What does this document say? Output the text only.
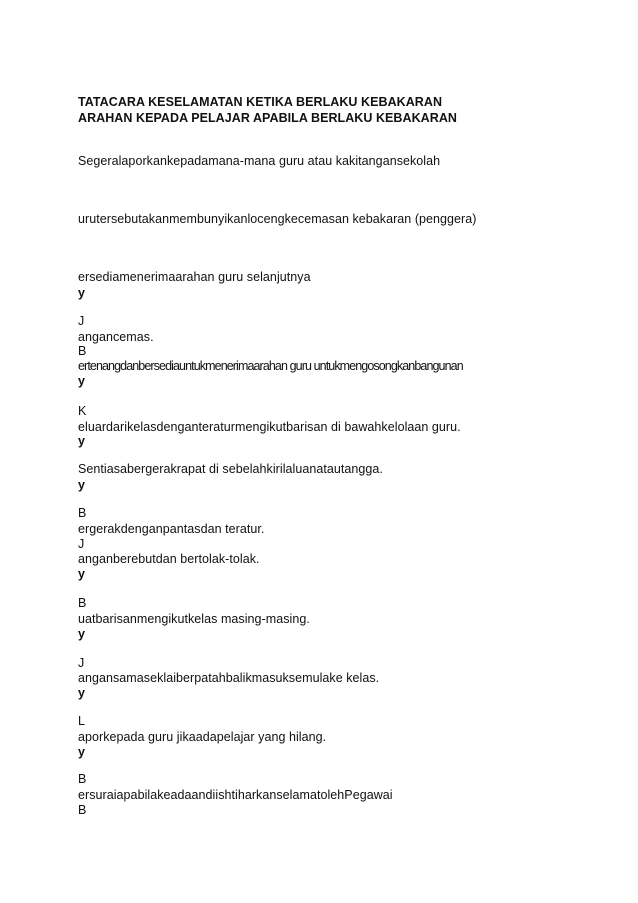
TATACARA KESELAMATAN KETIKA BERLAKU KEBAKARAN
ARAHAN KEPADA PELAJAR APABILA BERLAKU KEBAKARAN
Segeralaporkankepadamana-mana guru atau kakitangansekolah
urutersebutakanmembunyikanlocengkecemasan kebakaran (penggera)
ersediamenerimaarahan guru selanjutnya
y
J
angancemas.
B
ertenangdanbersediauntukmenerimaarahan guru untukmengosongkanbangunan
y
K
eluardarikelasdenganteraturmengikutbarisan di bawahkelolaan guru.
y
Sentiasabergerakrapat di sebelahkirilaluanatautangga.
y
B
ergerakdenganpantasdan teratur.
J
anganberebutdan bertolak-tolak.
y
B
uatbarisanmengikutkelas masing-masing.
y
J
angansamaseklaiberpatahbalikmasuksemulake kelas.
y
L
aporkepada guru jikaadapelajar yang hilang.
y
B
ersuraiapabilakeadaandiishtiharkanselamatolehPegawai
B
